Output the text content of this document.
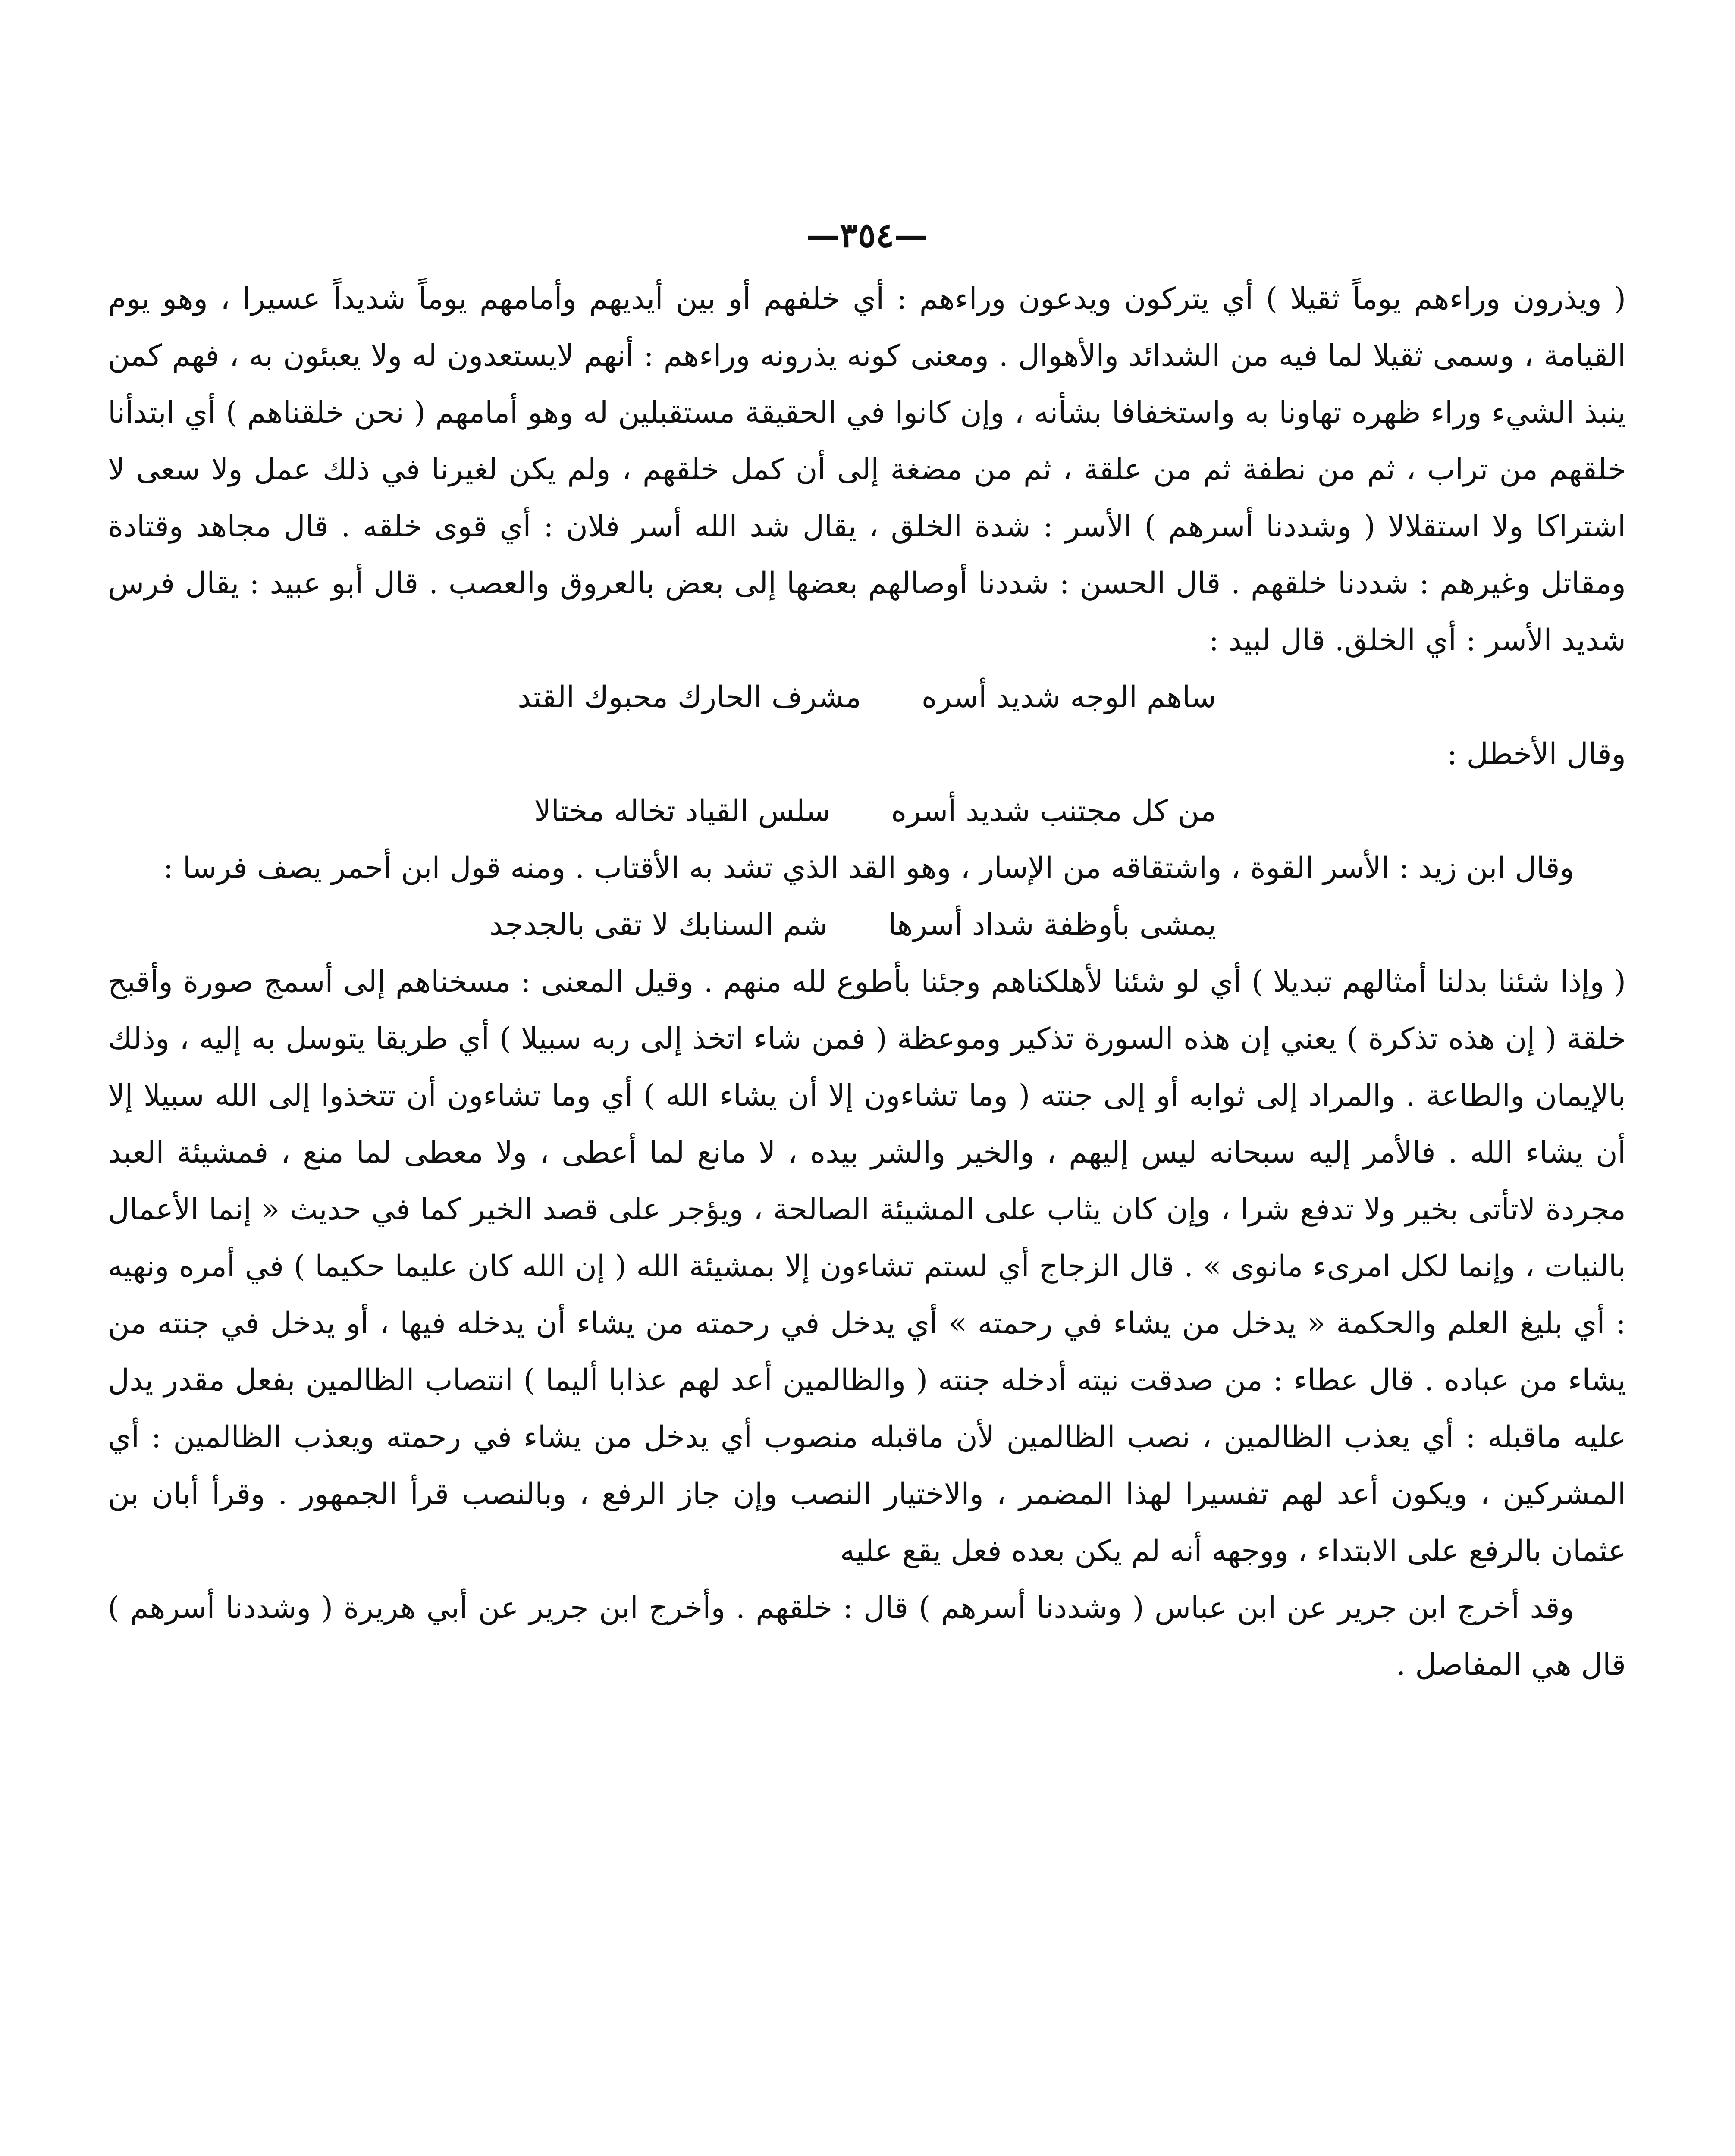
—٣٥٤—

( ويذرون وراءهم يوماً ثقيلا ) أي يتركون ويدعون وراءهم : أي خلفهم أو بين أيديهم وأمامهم يوماً شديداً عسيرا ، وهو يوم القيامة ، وسمى ثقيلا لما فيه من الشدائد والأهوال . ومعنى كونه يذرونه وراءهم : أنهم لايستعدون له ولا يعبئون به ، فهم كمن ينبذ الشيء وراء ظهره تهاونا به واستخفافا بشأنه ، وإن كانوا في الحقيقة مستقبلين له وهو أمامهم ( نحن خلقناهم ) أي ابتدأنا خلقهم من تراب ، ثم من نطفة ثم من علقة ، ثم من مضغة إلى أن كمل خلقهم ، ولم يكن لغيرنا في ذلك عمل ولا سعى لا اشتراكا ولا استقلالا ( وشددنا أسرهم ) الأسر : شدة الخلق ، يقال شد الله أسر فلان : أي قوى خلقه . قال مجاهد وقتادة ومقاتل وغيرهم : شددنا خلقهم . قال الحسن : شددنا أوصالهم بعضها إلى بعض بالعروق والعصب . قال أبو عبيد : يقال فرس شديد الأسر : أي الخلق. قال لبيد :

ساهم الوجه شديد أسره
مشرف الحارك محبوك القتد

وقال الأخطل :

من كل مجتنب شديد أسره
سلس القياد تخاله مختالا

وقال ابن زيد : الأسر القوة ، واشتقاقه من الإسار ، وهو القد الذي تشد به الأقتاب . ومنه قول ابن أحمر يصف فرسا :

يمشى بأوظفة شداد أسرها
شم السنابك لا تقى بالجدجد

( وإذا شئنا بدلنا أمثالهم تبديلا ) أي لو شئنا لأهلكناهم وجئنا بأطوع لله منهم . وقيل المعنى : مسخناهم إلى أسمج صورة وأقبح خلقة ( إن هذه تذكرة ) يعني إن هذه السورة تذكير وموعظة ( فمن شاء اتخذ إلى ربه سبيلا ) أي طريقا يتوسل به إليه ، وذلك بالإيمان والطاعة . والمراد إلى ثوابه أو إلى جنته ( وما تشاءون إلا أن يشاء الله ) أي وما تشاءون أن تتخذوا إلى الله سبيلا إلا أن يشاء الله . فالأمر إليه سبحانه ليس إليهم ، والخير والشر بيده ، لا مانع لما أعطى ، ولا معطى لما منع ، فمشيئة العبد مجردة لاتأتى بخير ولا تدفع شرا ، وإن كان يثاب على المشيئة الصالحة ، ويؤجر على قصد الخير كما في حديث « إنما الأعمال بالنيات ، وإنما لكل امرىء مانوى » . قال الزجاج أي لستم تشاءون إلا بمشيئة الله ( إن الله كان عليما حكيما ) في أمره ونهيه : أي بليغ العلم والحكمة « يدخل من يشاء في رحمته » أي يدخل في رحمته من يشاء أن يدخله فيها ، أو يدخل في جنته من يشاء من عباده . قال عطاء : من صدقت نيته أدخله جنته ( والظالمين أعد لهم عذابا أليما ) انتصاب الظالمين بفعل مقدر يدل عليه ماقبله : أي يعذب الظالمين ، نصب الظالمين لأن ماقبله منصوب أي يدخل من يشاء في رحمته ويعذب الظالمين : أي المشركين ، ويكون أعد لهم تفسيرا لهذا المضمر ، والاختيار النصب وإن جاز الرفع ، وبالنصب قرأ الجمهور . وقرأ أبان بن عثمان بالرفع على الابتداء ، ووجهه أنه لم يكن بعده فعل يقع عليه

وقد أخرج ابن جرير عن ابن عباس ( وشددنا أسرهم ) قال : خلقهم . وأخرج ابن جرير عن أبي هريرة ( وشددنا أسرهم ) قال هي المفاصل .
